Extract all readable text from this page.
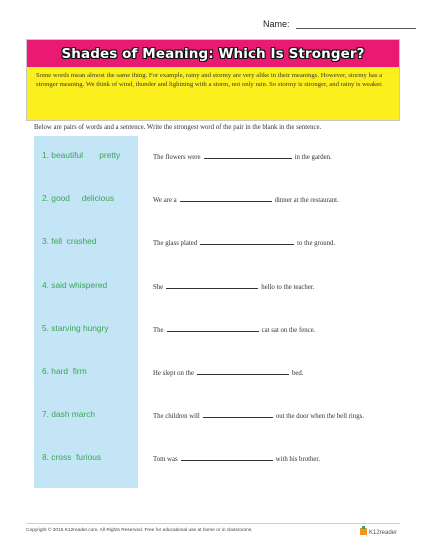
Name:
Shades of Meaning: Which Is Stronger?
Some words mean almost the same thing. For example, rainy and stormy are very alike in their meanings. However, stormy has a stronger meaning. We think of wind, thunder and lightning with a storm, not only rain. So stormy is stronger, and rainy is weaker.
Below are pairs of words and a sentence. Write the strongest word of the pair in the blank in the sentence.
1. beautiful       pretty	The flowers were	in the garden.
2. good     delicious	We are a	dinner at the restaurant.
3. fell  crashed	The glass plated	to the ground.
4. said whispered	She	hello to the teacher.
5. starving hungry	The	cat sat on the fence.
6. hard  firm	He slept on the	bed.
7. dash march	The children will	out the door when the bell rings.
8. cross  furious	Tom was	with his brother.
Copyright © 2015 K12reader.com. All Rights Reserved. Free for educational use at home or in classrooms.	K12reader
